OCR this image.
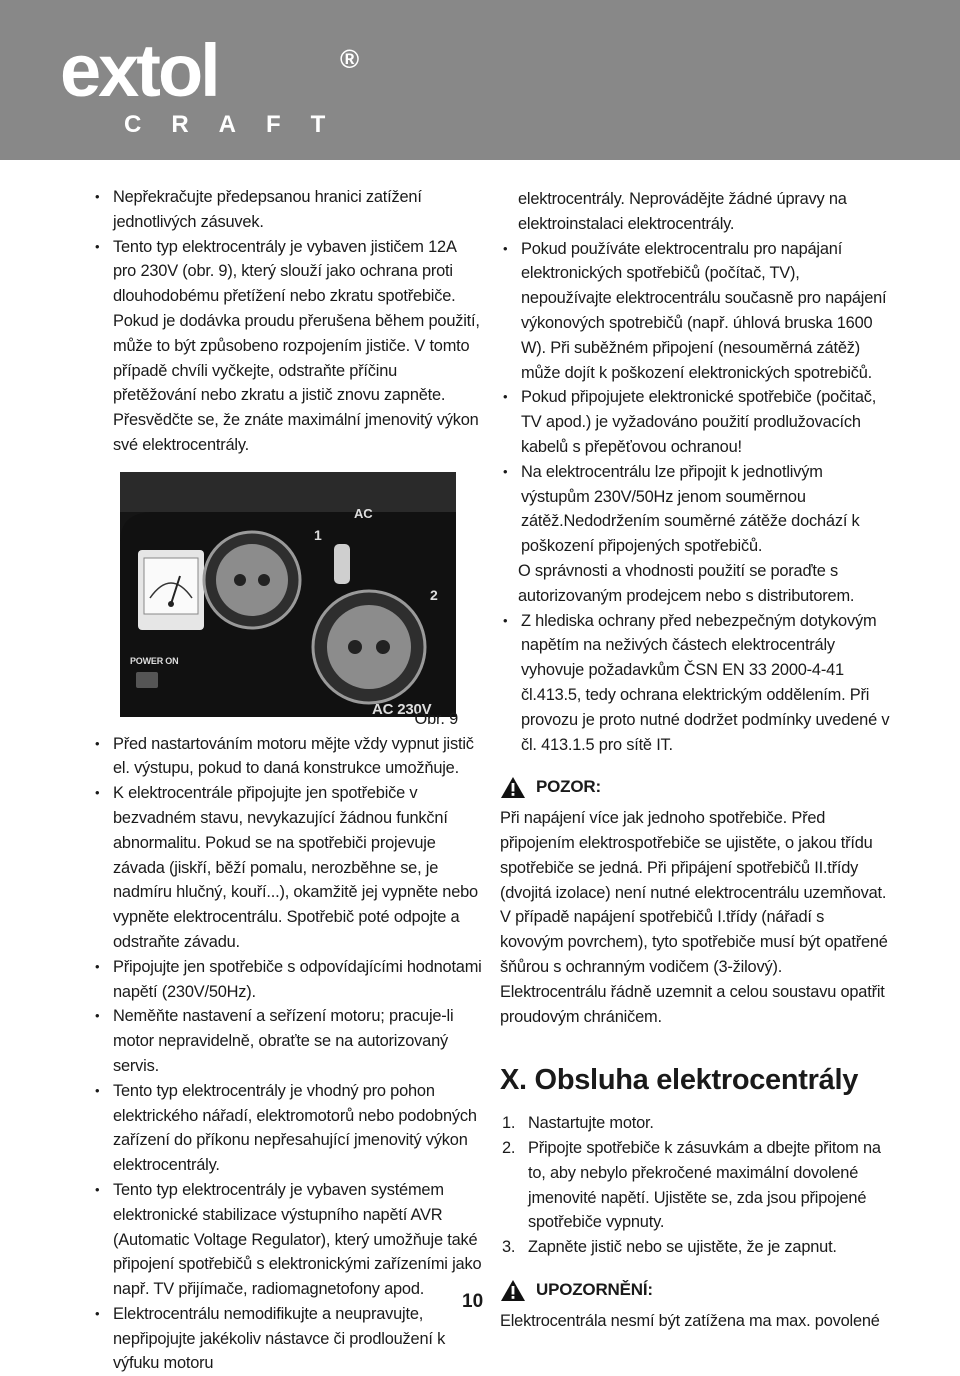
extol	®
CRAFT
• Nepřekračujte předepsanou hranici zatížení jednotlivých zásuvek.
• Tento typ elektrocentrály je vybaven jističem 12A pro 230V (obr. 9), který slouží jako ochrana proti dlouhodobému přetížení nebo zkratu spotřebiče. Pokud je dodávka proudu přerušena během použití, může to být způsobeno rozpojením jističe. V tomto případě chvíli vyčkejte, odstraňte příčinu přetěžování nebo zkratu a jistič znovu zapněte. Přesvědčte se, že znáte maximální jmenovitý výkon své elektrocentrály.
1
AC
2
POWER ON
AC 230V
Obr. 9
• Před nastartováním motoru mějte vždy vypnut jistič el. výstupu, pokud to daná konstrukce umožňuje.
• K elektrocentrále připojujte jen spotřebiče v bezvadném stavu, nevykazující žádnou funkční abnormalitu. Pokud se na spotřebiči projevuje závada (jiskří, běží pomalu, nerozběhne se, je nadmíru hlučný, kouří...), okamžitě jej vypněte nebo vypněte elektrocentrálu. Spotřebič poté odpojte a odstraňte závadu.
• Připojujte jen spotřebiče s odpovídajícími hodnotami napětí (230V/50Hz).
• Neměňte nastavení a seřízení motoru; pracuje-li motor nepravidelně, obraťte se na autorizovaný servis.
• Tento typ elektrocentrály je vhodný pro pohon elektrického nářadí, elektromotorů nebo podobných zařízení do příkonu nepřesahující jmenovitý výkon elektrocentrály.
• Tento typ elektrocentrály je vybaven systémem elektronické stabilizace výstupního napětí AVR (Automatic Voltage Regulator), který umožňuje také připojení spotřebičů s elektronickými zařízeními jako např. TV přijímače, radiomagnetofony apod.
• Elektrocentrálu nemodifikujte a neupravujte, nepřipojujte jakékoliv nástavce či prodloužení k výfuku motoru
elektrocentrály. Neprovádějte žádné úpravy na elektroinstalaci elektrocentrály.
• Pokud používáte elektrocentralu pro napájaní elektronických spotřebičů (počítač, TV), nepoužívajte elektrocentrálu současně pro napájení výkonových spotrebičů (např. úhlová bruska 1600 W). Při suběžném připojení (nesouměrná zátěž) může dojít k poškození elektronických spotrebičů.
• Pokud připojujete elektronické spotřebiče (počitač, TV apod.) je vyžadováno použití prodlužovacích kabelů s přepěťovou ochranou!
• Na elektrocentrálu lze připojit k jednotlivým výstupům 230V/50Hz jenom souměrnou zátěž.Nedodržením souměrné zátěže dochází k poškození připojených spotřebičů.

O správnosti a vhodnosti použití se poraďte s autorizovaným prodejcem nebo s distributorem.

• Z hlediska ochrany před nebezpečným dotykovým napětím na neživých částech elektrocentrály vyhovuje požadavkům ČSN EN 33 2000-4-41 čl.413.5, tedy ochrana elektrickým oddělením. Při provozu je proto nutné dodržet podmínky uvedené v čl. 413.1.5 pro sítě IT.
POZOR:

Při napájení více jak jednoho spotřebiče. Před připojením elektrospotřebiče se ujistěte, o jakou třídu spotřebiče se jedná. Při připájení spotřebičů II.třídy (dvojitá izolace) není nutné elektrocentrálu uzemňovat.

V případě napájení spotřebičů I.třídy (nářadí s kovovým povrchem), tyto spotřebiče musí být opatřené šňůrou s ochranným vodičem (3-žilový). Elektrocentrálu řádně uzemnit a celou soustavu opatřit proudovým chráničem.

X. Obsluha elektrocentrály
1. Nastartujte motor.
2. Připojte spotřebiče k zásuvkám a dbejte přitom na to, aby nebylo překročené maximální dovolené jmenovité napětí. Ujistěte se, zda jsou připojené spotřebiče vypnuty.
3. Zapněte jistič nebo se ujistěte, že je zapnut.
UPOZORNĚNÍ:

Elektrocentrála nesmí být zatížena ma max. povolené

10
